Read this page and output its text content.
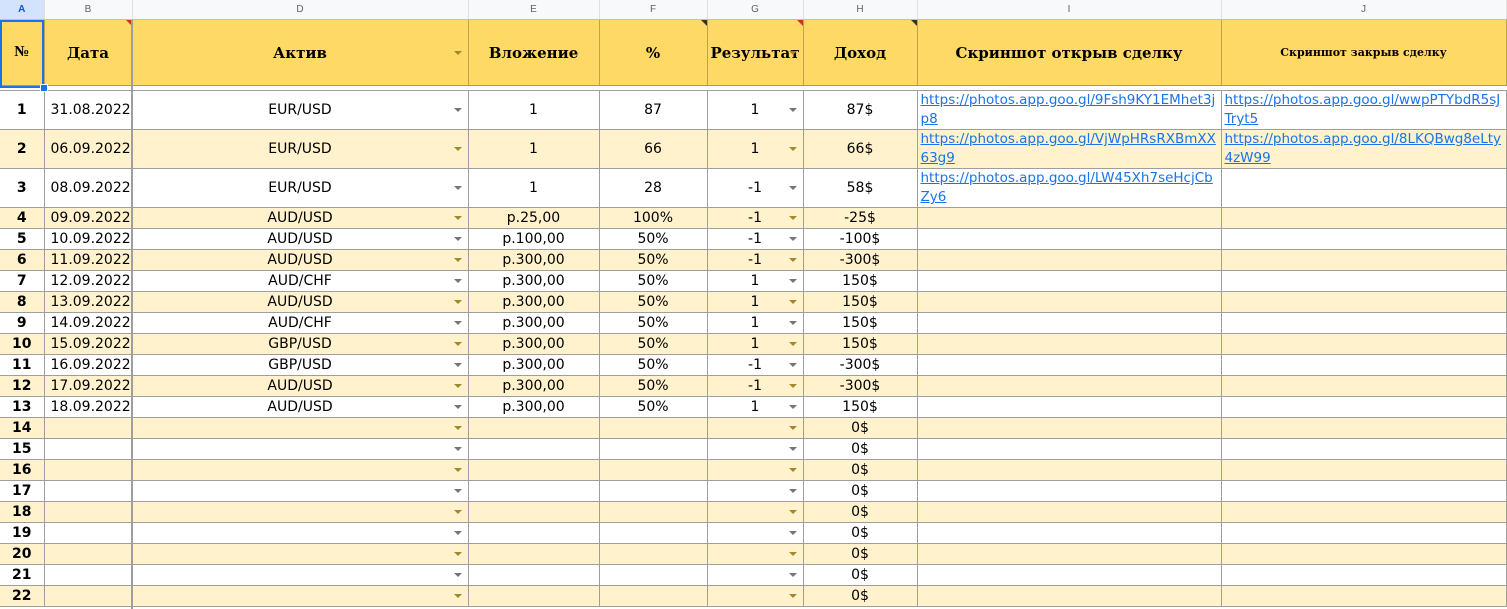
A	B	D	E	F	G	H	I	J
№	Дата	Актив	Вложение	%	Результат	Доход	Скриншот открыв сделку	Скриншот закрыв сделку

1	31.08.2022	EUR/USD	1	87	1	87$	https://photos.app.goo.gl/9Fsh9KY1EMhet3jp8	https://photos.app.goo.gl/wwpPTYbdR5sJTryt5
2	06.09.2022	EUR/USD	1	66	1	66$	https://photos.app.goo.gl/VjWpHRsRXBmXX63g9	https://photos.app.goo.gl/8LKQBwg8eLty4zW99
3	08.09.2022	EUR/USD	1	28	-1	58$	https://photos.app.goo.gl/LW45Xh7seHcjCbZy6	
4	09.09.2022	AUD/USD	р.25,00	100%	-1	-25$		
5	10.09.2022	AUD/USD	р.100,00	50%	-1	-100$		
6	11.09.2022	AUD/USD	р.300,00	50%	-1	-300$		
7	12.09.2022	AUD/CHF	р.300,00	50%	1	150$		
8	13.09.2022	AUD/USD	р.300,00	50%	1	150$		
9	14.09.2022	AUD/CHF	р.300,00	50%	1	150$		
10	15.09.2022	GBP/USD	р.300,00	50%	1	150$		
11	16.09.2022	GBP/USD	р.300,00	50%	-1	-300$		
12	17.09.2022	AUD/USD	р.300,00	50%	-1	-300$		
13	18.09.2022	AUD/USD	р.300,00	50%	1	150$		
14						0$		
15						0$		
16						0$		
17						0$		
18						0$		
19						0$		
20						0$		
21						0$		
22						0$		
